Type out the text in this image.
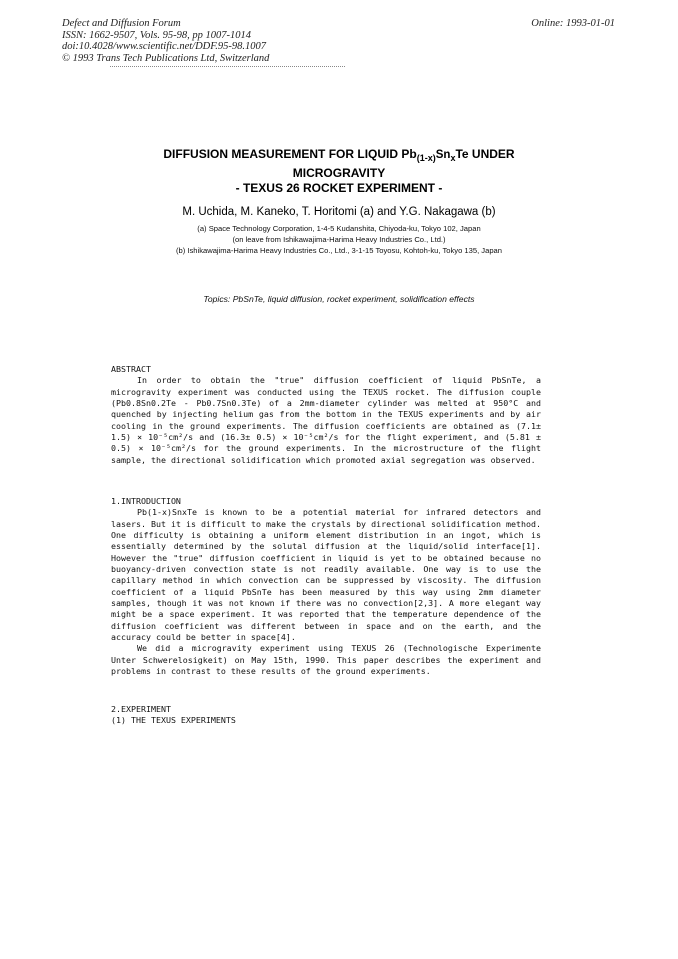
Defect and Diffusion Forum
ISSN: 1662-9507, Vols. 95-98, pp 1007-1014
doi:10.4028/www.scientific.net/DDF.95-98.1007
© 1993 Trans Tech Publications Ltd, Switzerland
Online: 1993-01-01
DIFFUSION MEASUREMENT FOR LIQUID $Pb_{(1-x)}Sn_xTe$ UNDER
MICROGRAVITY
- TEXUS 26 ROCKET EXPERIMENT -
M. Uchida, M. Kaneko, T. Horitomi (a) and Y.G. Nakagawa (b)
(a) Space Technology Corporation, 1-4-5 Kudanshita, Chiyoda-ku, Tokyo 102, Japan
(on leave from Ishikawajima-Harima Heavy Industries Co., Ltd.)
(b) Ishikawajima-Harima Heavy Industries Co., Ltd., 3-1-15 Toyosu, Kohtoh-ku, Tokyo 135, Japan
Topics: PbSnTe, liquid diffusion, rocket experiment, solidification effects
ABSTRACT

In order to obtain the "true" diffusion coefficient of liquid PbSnTe, a microgravity experiment was conducted using the TEXUS rocket. The diffusion couple (Pb0.8Sn0.2Te - Pb0.7Sn0.3Te) of a 2mm-diameter cylinder was melted at 950°C and quenched by injecting helium gas from the bottom in the TEXUS experiments and by air cooling in the ground experiments. The diffusion coefficients are obtained as (7.1± 1.5) × 10⁻⁵cm²/s and (16.3± 0.5) × 10⁻⁵cm²/s for the flight experiment, and (5.81 ± 0.5) × 10⁻⁵cm²/s for the ground experiments. In the microstructure of the flight sample, the directional solidification which promoted axial segregation was observed.

1.INTRODUCTION

Pb(1-x)SnxTe is known to be a potential material for infrared detectors and lasers. But it is difficult to make the crystals by directional solidification method. One difficulty is obtaining a uniform element distribution in an ingot, which is essentially determined by the solutal diffusion at the liquid/solid interface[1]. However the "true" diffusion coefficient in liquid is yet to be obtained because no buoyancy-driven convection state is not readily available. One way is to use the capillary method in which convection can be suppressed by viscosity. The diffusion coefficient of a liquid PbSnTe has been measured by this way using 2mm diameter samples, though it was not known if there was no convection[2,3]. A more elegant way might be a space experiment. It was reported that the temperature dependence of the diffusion coefficient was different between in space and on the earth, and the accuracy could be better in space[4].

We did a microgravity experiment using TEXUS 26 (Technologische Experimente Unter Schwerelosigkeit) on May 15th, 1990. This paper describes the experiment and problems in contrast to these results of the ground experiments.

2.EXPERIMENT
(1) THE TEXUS EXPERIMENTS
